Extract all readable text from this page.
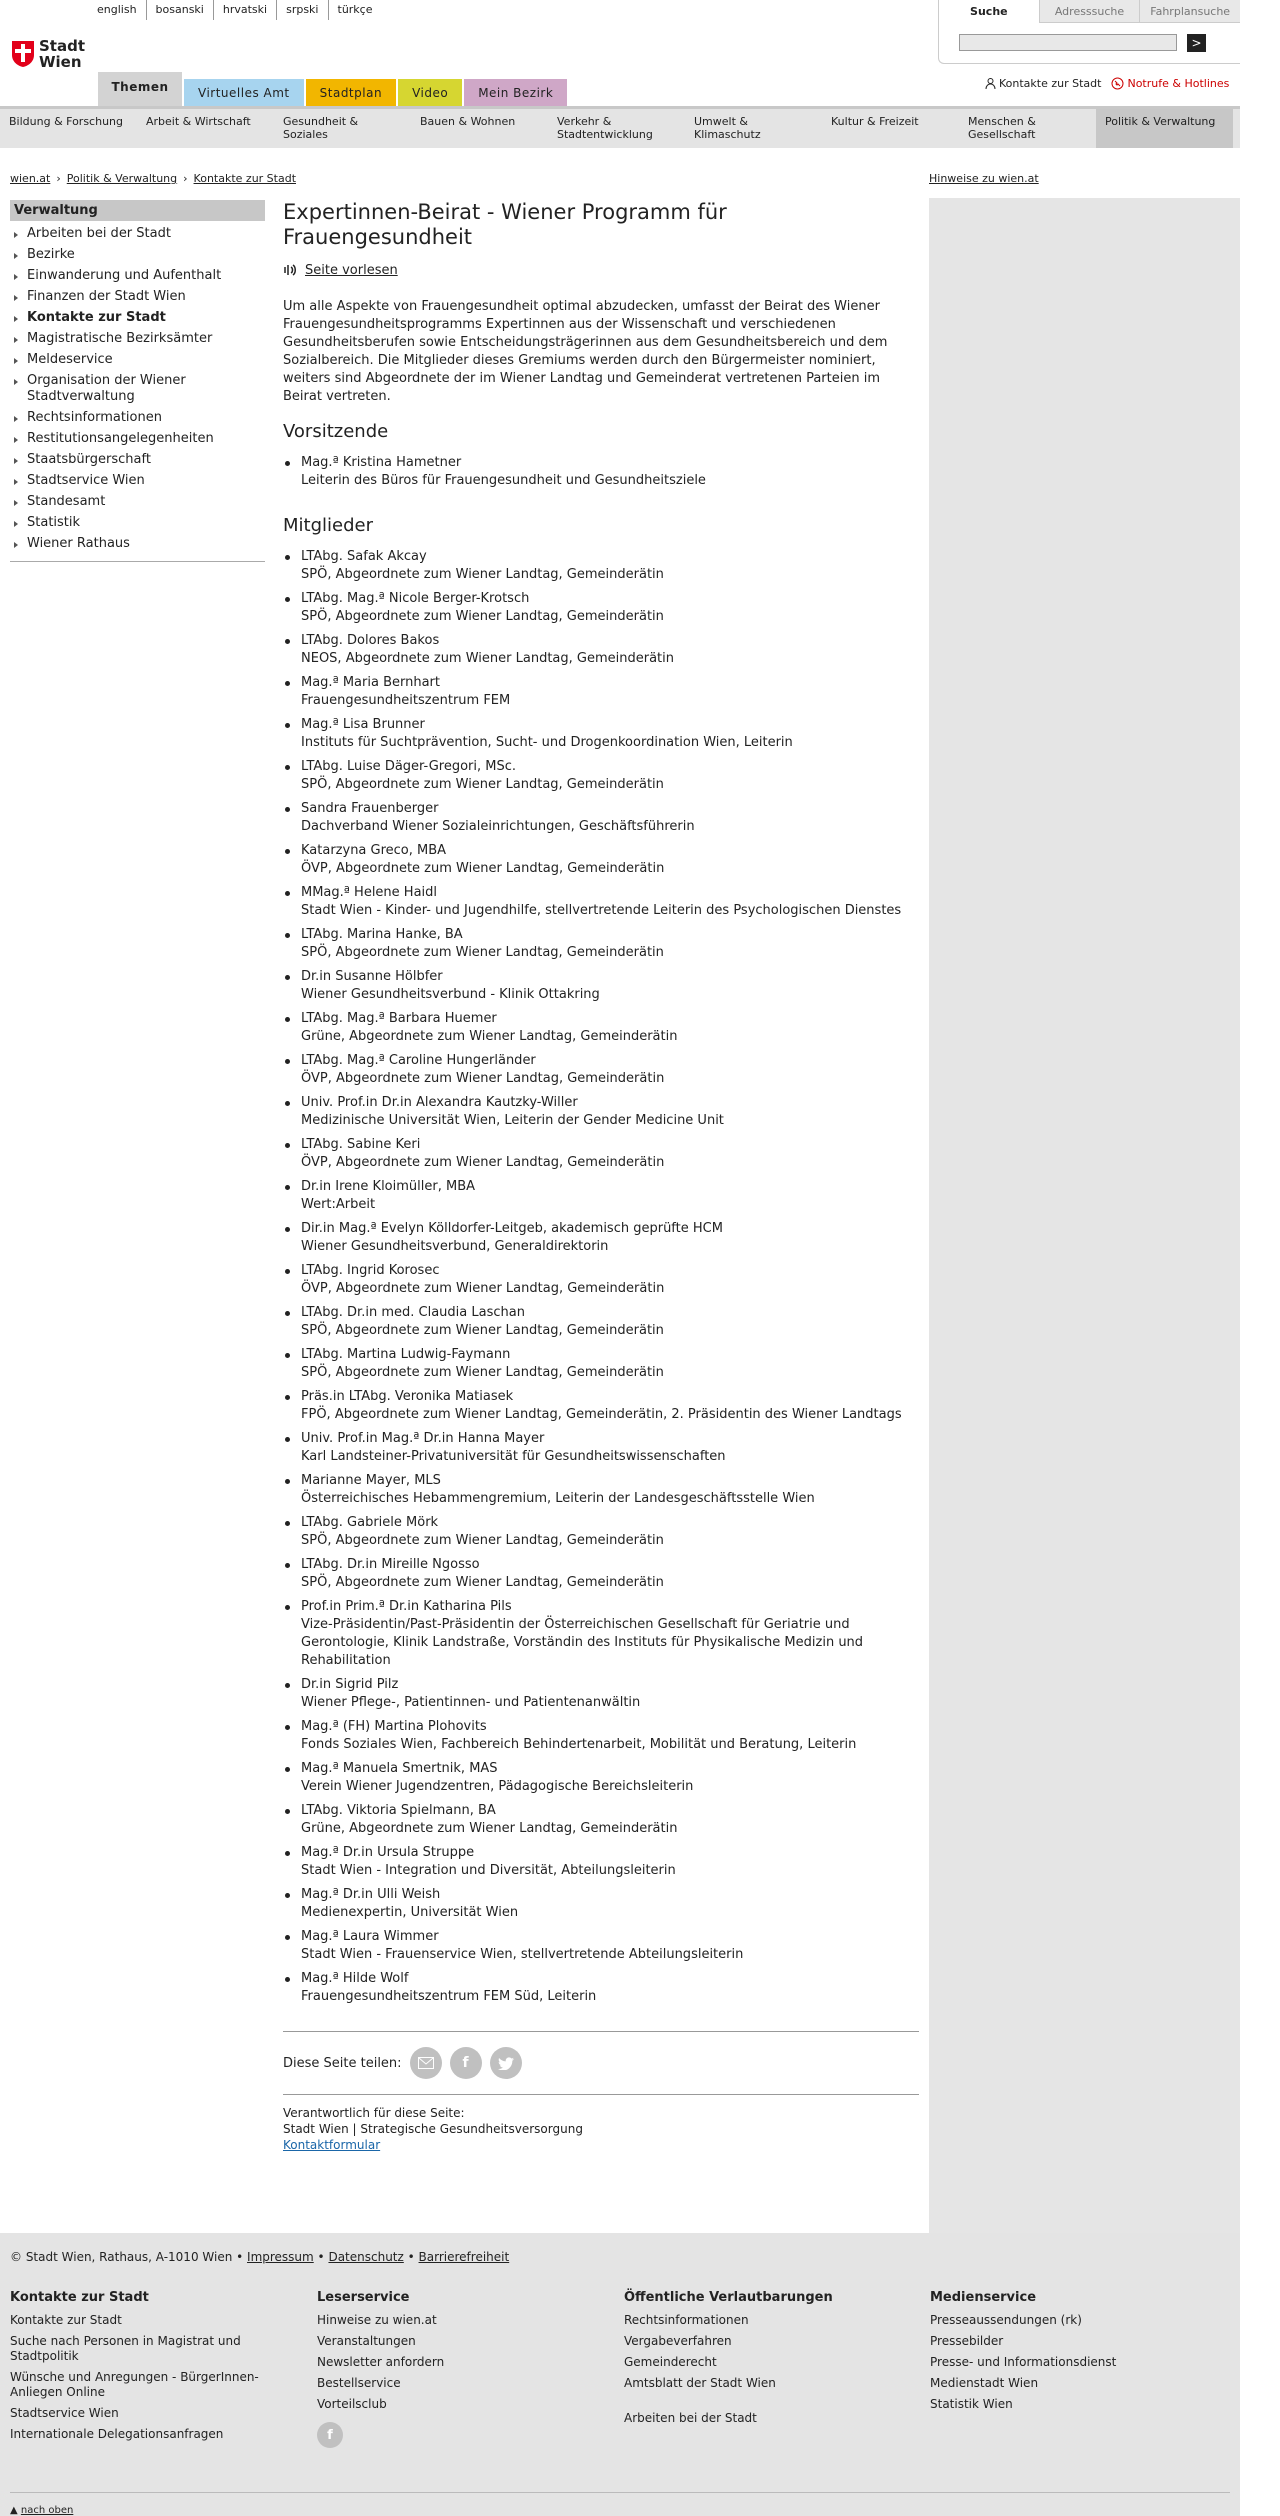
english	bosanski	hrvatski	srpski	türkçe
Stadt
Wien
Themen	Virtuelles Amt	Stadtplan	Video	Mein Bezirk
Suche	Adresssuche	Fahrplansuche
>
Kontakte zur Stadt Notrufe & Hotlines
Bildung & Forschung	Arbeit & Wirtschaft	Gesundheit & Soziales
Bauen & Wohnen	Verkehr & Stadtentwicklung
Umwelt & Klimaschutz
Kultur & Freizeit	Menschen & Gesellschaft
Politik & Verwaltung
wien.at › Politik & Verwaltung › Kontakte zur Stadt	Hinweise zu wien.at
Verwaltung
Arbeiten bei der Stadt
Bezirke
Einwanderung und Aufenthalt
Finanzen der Stadt Wien
Kontakte zur Stadt
Magistratische Bezirksämter
Meldeservice
Organisation der Wiener Stadtverwaltung
Rechtsinformationen
Restitutionsangelegenheiten
Staatsbürgerschaft
Stadtservice Wien
Standesamt
Statistik
Wiener Rathaus
Expertinnen-Beirat - Wiener Programm für Frauengesundheit
Seite vorlesen

Um alle Aspekte von Frauengesundheit optimal abzudecken, umfasst der Beirat des Wiener Frauengesundheitsprogramms Expertinnen aus der Wissenschaft und verschiedenen Gesundheitsberufen sowie Entscheidungsträgerinnen aus dem Gesundheitsbereich und dem Sozialbereich. Die Mitglieder dieses Gremiums werden durch den Bürgermeister nominiert, weiters sind Abgeordnete der im Wiener Landtag und Gemeinderat vertretenen Parteien im Beirat vertreten.

Vorsitzende
Mag.ª Kristina Hametner
Leiterin des Büros für Frauengesundheit und Gesundheitsziele
Mitglieder
LTAbg. Safak Akcay
SPÖ, Abgeordnete zum Wiener Landtag, Gemeinderätin
LTAbg. Mag.ª Nicole Berger-Krotsch
SPÖ, Abgeordnete zum Wiener Landtag, Gemeinderätin
LTAbg. Dolores Bakos
NEOS, Abgeordnete zum Wiener Landtag, Gemeinderätin
Mag.ª Maria Bernhart
Frauengesundheitszentrum FEM
Mag.ª Lisa Brunner
Instituts für Suchtprävention, Sucht- und Drogenkoordination Wien, Leiterin
LTAbg. Luise Däger-Gregori, MSc.
SPÖ, Abgeordnete zum Wiener Landtag, Gemeinderätin
Sandra Frauenberger
Dachverband Wiener Sozialeinrichtungen, Geschäftsführerin
Katarzyna Greco, MBA
ÖVP, Abgeordnete zum Wiener Landtag, Gemeinderätin
MMag.ª Helene Haidl
Stadt Wien - Kinder- und Jugendhilfe, stellvertretende Leiterin des Psychologischen Dienstes
LTAbg. Marina Hanke, BA
SPÖ, Abgeordnete zum Wiener Landtag, Gemeinderätin
Dr.in Susanne Hölbfer
Wiener Gesundheitsverbund - Klinik Ottakring
LTAbg. Mag.ª Barbara Huemer
Grüne, Abgeordnete zum Wiener Landtag, Gemeinderätin
LTAbg. Mag.ª Caroline Hungerländer
ÖVP, Abgeordnete zum Wiener Landtag, Gemeinderätin
Univ. Prof.in Dr.in Alexandra Kautzky-Willer
Medizinische Universität Wien, Leiterin der Gender Medicine Unit
LTAbg. Sabine Keri
ÖVP, Abgeordnete zum Wiener Landtag, Gemeinderätin
Dr.in Irene Kloimüller, MBA
Wert:Arbeit
Dir.in Mag.ª Evelyn Kölldorfer-Leitgeb, akademisch geprüfte HCM
Wiener Gesundheitsverbund, Generaldirektorin
LTAbg. Ingrid Korosec
ÖVP, Abgeordnete zum Wiener Landtag, Gemeinderätin
LTAbg. Dr.in med. Claudia Laschan
SPÖ, Abgeordnete zum Wiener Landtag, Gemeinderätin
LTAbg. Martina Ludwig-Faymann
SPÖ, Abgeordnete zum Wiener Landtag, Gemeinderätin
Präs.in LTAbg. Veronika Matiasek
FPÖ, Abgeordnete zum Wiener Landtag, Gemeinderätin, 2. Präsidentin des Wiener Landtags
Univ. Prof.in Mag.ª Dr.in Hanna Mayer
Karl Landsteiner-Privatuniversität für Gesundheitswissenschaften
Marianne Mayer, MLS
Österreichisches Hebammengremium, Leiterin der Landesgeschäftsstelle Wien
LTAbg. Gabriele Mörk
SPÖ, Abgeordnete zum Wiener Landtag, Gemeinderätin
LTAbg. Dr.in Mireille Ngosso
SPÖ, Abgeordnete zum Wiener Landtag, Gemeinderätin
Prof.in Prim.ª Dr.in Katharina Pils
Vize-Präsidentin/Past-Präsidentin der Österreichischen Gesellschaft für Geriatrie und Gerontologie, Klinik Landstraße, Vorständin des Instituts für Physikalische Medizin und Rehabilitation
Dr.in Sigrid Pilz
Wiener Pflege-, Patientinnen- und Patientenanwältin
Mag.ª (FH) Martina Plohovits
Fonds Soziales Wien, Fachbereich Behindertenarbeit, Mobilität und Beratung, Leiterin
Mag.ª Manuela Smertnik, MAS
Verein Wiener Jugendzentren, Pädagogische Bereichsleiterin
LTAbg. Viktoria Spielmann, BA
Grüne, Abgeordnete zum Wiener Landtag, Gemeinderätin
Mag.ª Dr.in Ursula Struppe
Stadt Wien - Integration und Diversität, Abteilungsleiterin
Mag.ª Dr.in Ulli Weish
Medienexpertin, Universität Wien
Mag.ª Laura Wimmer
Stadt Wien - Frauenservice Wien, stellvertretende Abteilungsleiterin
Mag.ª Hilde Wolf
Frauengesundheitszentrum FEM Süd, Leiterin
Diese Seite teilen:	f
Verantwortlich für diese Seite:
Stadt Wien | Strategische Gesundheitsversorgung
Kontaktformular
© Stadt Wien, Rathaus, A-1010 Wien • Impressum • Datenschutz • Barrierefreiheit
Kontakte zur Stadt
Kontakte zur Stadt
Suche nach Personen in Magistrat und Stadtpolitik
Wünsche und Anregungen - BürgerInnen-Anliegen Online
Stadtservice Wien
Internationale Delegationsanfragen
Leserservice
Hinweise zu wien.at
Veranstaltungen
Newsletter anfordern
Bestellservice
Vorteilsclub
f
Öffentliche Verlautbarungen
Rechtsinformationen
Vergabeverfahren
Gemeinderecht
Amtsblatt der Stadt Wien
Arbeiten bei der Stadt
Medienservice
Presseaussendungen (rk)
Pressebilder
Presse- und Informationsdienst
Medienstadt Wien
Statistik Wien
▲ nach oben
